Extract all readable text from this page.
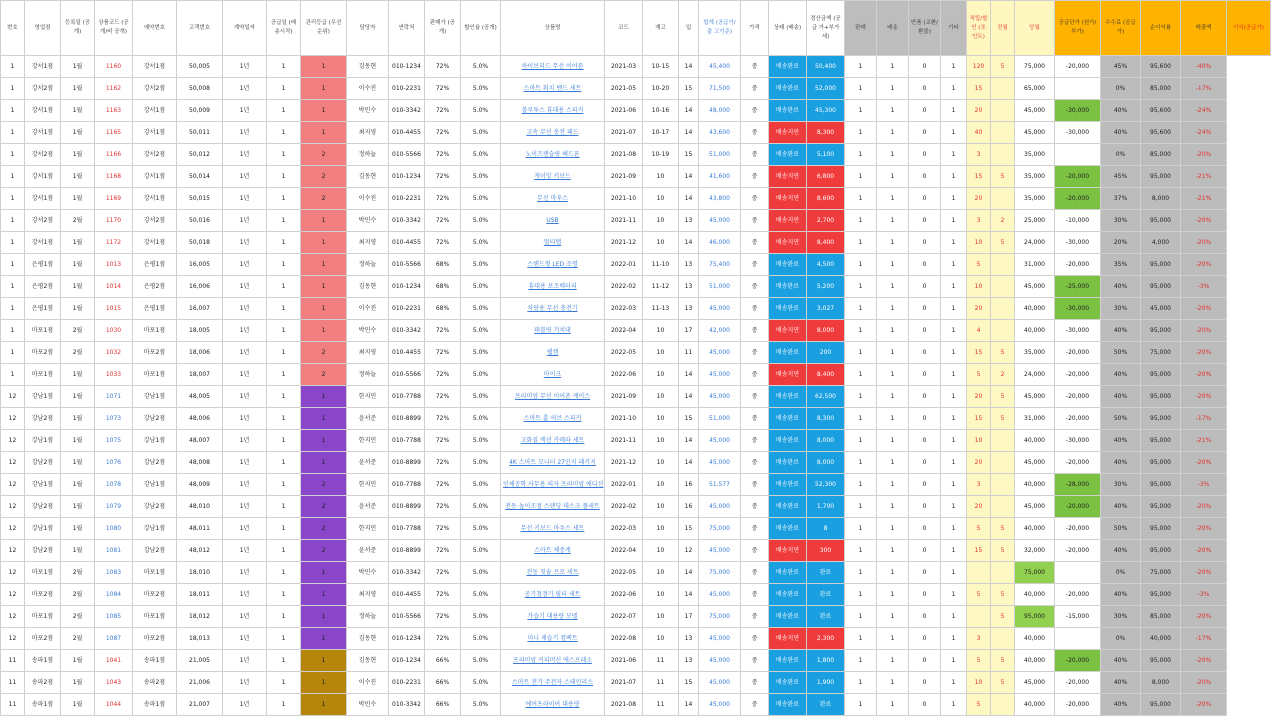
번호	영업점	등록일 (공개)	상품코드 (공개/비 공개)	예약번호	고객번호	계약일자	공급일 (배송시작)	관리등급 (우선순위)	담당자	연락처	판매가 (공개)	할인율 (공개)	상품명	코드	재고	입	합계 (공급가/출 고기준)	가격	상태 (배송)	정산금액 (공급 가+부가세)	판매	배송	반품 (교환/ 환불)	기타	적립/할인 (포인트)	전월	당월	공급단가 (원가/부가)	수수료 (공급가)	순이익률	매출액	이익(공급가)
1	강서1점	1월	1160	강서1점	50,005	1년	1	1	김동현	010-1234	72%	5.0%	하이브리드 무선 이어폰	2021-03	10-15	14	45,400	중	배송완료	50,400	1	1	0	1	120	5	75,000	-20,000	45%	95,600	-40%	
1	강서2점	1월	1162	강서2점	50,008	1년	1	1	이수진	010-2231	72%	5.0%	스마트 워치 밴드 세트	2021-05	10-20	15	71,500	중	배송완료	52,000	1	1	0	1	15		65,000		0%	85,000	-17%	
1	강서1점	1월	1163	강서1점	50,009	1년	1	1	박민수	010-3342	72%	5.0%	블루투스 휴대용 스피커	2021-06	10-16	14	48,000	중	배송완료	45,300	1	1	0	1	20		45,000	-30,000	40%	95,600	-24%	
1	강서1점	1월	1165	강서1점	50,011	1년	1	1	최지영	010-4455	72%	5.0%	고속 무선 충전 패드	2021-07	10-17	14	43,600	중	배송지연	8,300	1	1	0	1	40		45,000	-30,000	40%	95,600	-24%	
1	강서2점	1월	1166	강서2점	50,012	1년	1	2	정하늘	010-5566	72%	5.0%	노이즈캔슬링 헤드폰	2021-08	10-19	15	51,000	중	배송완료	5,100	1	1	0	1	3		35,000		0%	85,000	-20%	
1	강서1점	1월	1168	강서1점	50,014	1년	1	2	김동현	010-1234	72%	5.0%	게이밍 키보드	2021-09	10	14	41,600	중	배송지연	6,800	1	1	0	1	15	5	35,000	-20,000	45%	95,000	-21%	
1	강서1점	1월	1169	강서1점	50,015	1년	1	2	이수진	010-2231	72%	5.0%	무선 마우스	2021-10	10	14	43,800	중	배송지연	8,600	1	1	0	1	20		35,000	-20,000	37%	8,000	-21%	
1	강서2점	2월	1170	강서2점	50,016	1년	1	1	박민수	010-3342	72%	5.0%	USB	2021-11	10	13	45,000	중	배송지연	2,700	1	1	0	1	3	2	25,000	-10,000	30%	95,000	-20%	
1	강서1점	1월	1172	강서1점	50,018	1년	1	1	최지영	010-4455	72%	5.0%	멀티탭	2021-12	10	14	46,000	중	배송지연	8,400	1	1	0	1	10	5	24,000	-30,000	20%	4,000	-20%	
1	은평1점	1월	1013	은평1점	16,005	1년	1	1	정하늘	010-5566	68%	5.0%	스탠드형 LED 조명	2022-01	11-10	13	75,400	중	배송완료	4,500	1	1	0	1	5		31,000	-20,000	35%	95,000	-20%	
1	은평2점	1월	1014	은평2점	16,006	1년	1	1	김동현	010-1234	68%	5.0%	휴대용 보조배터리	2022-02	11-12	13	51,000	중	배송완료	5,200	1	1	0	1	10		45,000	-25,000	40%	95,000	-3%	
1	은평1점	1월	1015	은평1점	16,007	1년	1	1	이수진	010-2231	68%	5.0%	차량용 무선 충전기	2022-03	11-13	13	45,000	중	배송완료	3,027	1	1	0	1	20		40,000	-30,000	30%	45,000	-20%	
1	마포1점	2월	1030	마포1점	18,005	1년	1	1	박민수	010-3342	72%	5.0%	태블릿 거치대	2022-04	10	17	42,000	중	배송지연	8,000	1	1	0	1	4		40,000	-30,000	40%	95,000	-20%	
1	마포2점	2월	1032	마포2점	18,006	1년	1	2	최지영	010-4455	72%	5.0%	웹캠	2022-05	10	11	45,000	중	배송완료	200	1	1	0	1	15	5	35,000	-20,000	50%	75,000	-20%	
1	마포1점	1월	1033	마포1점	18,007	1년	1	2	정하늘	010-5566	72%	5.0%	마이크	2022-06	10	14	45,000	중	배송지연	8,400	1	1	0	1	5	2	24,000	-20,000	40%	95,000	-20%	
12	강남1점	1월	1071	강남1점	48,005	1년	1	1	한지민	010-7788	72%	5.0%	프리미엄 무선 이어폰 케이스	2021-09	10	14	45,000	중	배송완료	62,500	1	1	0	1	20	5	45,000	-20,000	40%	95,000	-20%	
12	강남2점	1월	1073	강남2점	48,006	1년	1	1	윤서준	010-8899	72%	5.0%	스마트 홈 허브 스피커	2021-10	10	15	51,000	중	배송완료	8,300	1	1	0	1	15	5	31,000	-20,000	50%	95,000	-17%	
12	강남1점	1월	1075	강남1점	48,007	1년	1	1	한지민	010-7788	72%	5.0%	고화질 액션 카메라 세트	2021-11	10	14	45,000	중	배송완료	8,000	1	1	0	1	10		40,000	-30,000	40%	95,000	-21%	
12	강남2점	1월	1076	강남2점	48,008	1년	1	1	윤서준	010-8899	72%	5.0%	4K 스마트 모니터 27인치 패키지	2021-12	10	14	45,000	중	배송완료	8,000	1	1	0	1	20		45,000	-20,000	40%	95,000	-20%	
12	강남1점	1월	1078	강남1점	48,009	1년	1	2	한지민	010-7788	72%	5.0%	인체공학 사무용 의자 프리미엄 에디션	2022-01	10	16	51,577	중	배송완료	52,300	1	1	0	1	3		40,000	-28,000	30%	95,000	-3%	
12	강남2점	1월	1079	강남2점	48,010	1년	1	2	윤서준	010-8899	72%	5.0%	전동 높이조절 스탠딩 데스크 풀세트	2022-02	10	16	45,000	중	배송완료	1,700	1	1	0	1	20		45,000	-20,000	40%	95,000	-20%	
12	강남1점	1월	1080	강남1점	48,011	1년	1	2	한지민	010-7788	72%	5.0%	무선 키보드 마우스 세트	2022-03	10	15	75,000	중	배송완료	8	1	1	0	1	5	5	40,000	-20,000	50%	95,000	-20%	
12	강남2점	1월	1081	강남2점	48,012	1년	1	2	윤서준	010-8899	72%	5.0%	스마트 체중계	2022-04	10	12	45,000	중	배송지연	300	1	1	0	1	15	5	32,000	-20,000	40%	95,000	-20%	
12	마포1점	2월	1083	마포1점	18,010	1년	1	1	박민수	010-3342	72%	5.0%	전동 칫솔 프로 세트	2022-05	10	14	75,000	중	배송완료	완료	1	1	0	1			75,000		0%	75,000	-20%	
12	마포2점	2월	1084	마포2점	18,011	1년	1	1	최지영	010-4455	72%	5.0%	공기청정기 필터 세트	2022-06	10	14	45,000	중	배송완료	완료	1	1	0	1	5	5	40,000	-20,000	40%	95,000	-3%	
12	마포1점	2월	1085	마포1점	18,012	1년	1	1	정하늘	010-5566	72%	5.0%	가습기 대용량 모델	2022-07	10	17	75,000	중	배송완료	완료	1	1	0	1		5	95,000	-15,000	30%	85,000	-20%	
12	마포2점	2월	1087	마포2점	18,013	1년	1	1	김동현	010-1234	72%	5.0%	미니 제습기 컴팩트	2022-08	10	13	45,000	중	배송지연	2,300	1	1	0	1	3		40,000		0%	40,000	-17%	
11	송파1점	1월	1041	송파1점	21,005	1년	1	1	김동현	010-1234	66%	5.0%	프리미엄 커피머신 에스프레소	2021-06	11	13	45,000	중	배송완료	1,800	1	1	0	1	5	5	40,000	-20,000	40%	95,000	-20%	
11	송파2점	1월	1043	송파2점	21,006	1년	1	1	이수진	010-2231	66%	5.0%	스마트 전기 주전자 스테인리스	2021-07	11	15	45,000	중	배송완료	1,900	1	1	0	1	10	5	45,000	-20,000	40%	8,000	-20%	
11	송파1점	1월	1044	송파1점	21,007	1년	1	1	박민수	010-3342	66%	5.0%	에어프라이어 대용량	2021-08	11	14	45,000	중	배송완료	완료	1	1	0	1	5		40,000	-20,000	40%	95,000	-20%	
